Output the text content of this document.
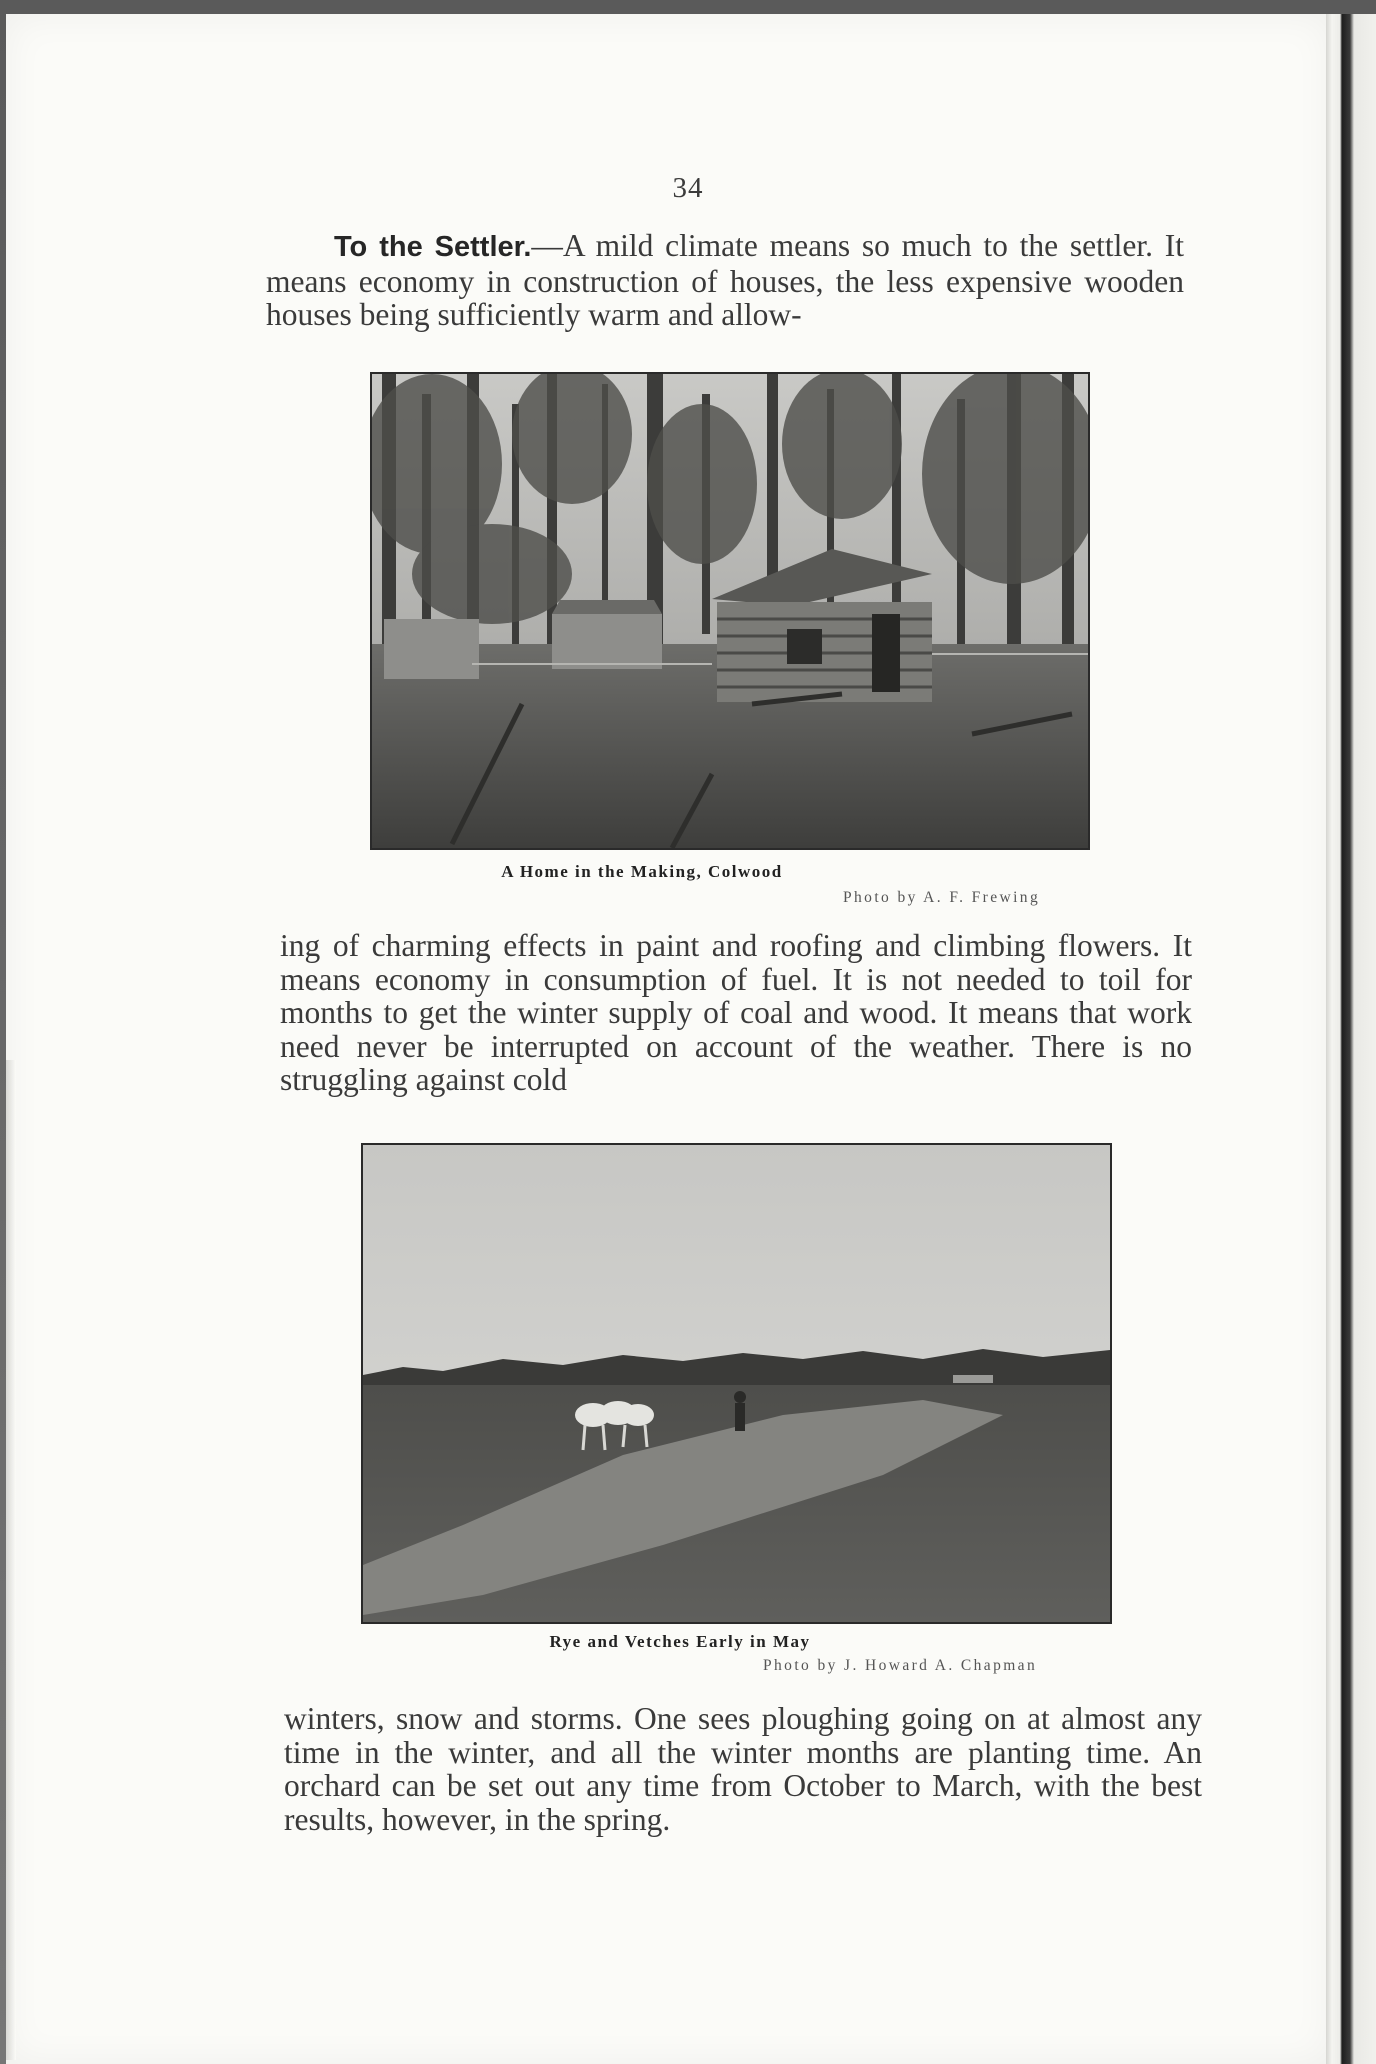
34

To the Settler.—A mild climate means so much to the settler. It means economy in construction of houses, the less expensive wooden houses being sufficiently warm and allow-

A Home in the Making, Colwood
Photo by A. F. Frewing

ing of charming effects in paint and roofing and climbing flowers. It means economy in consumption of fuel. It is not needed to toil for months to get the winter supply of coal and wood. It means that work need never be interrupted on account of the weather. There is no struggling against cold

Rye and Vetches Early in May
Photo by J. Howard A. Chapman

winters, snow and storms. One sees ploughing going on at almost any time in the winter, and all the winter months are planting time. An orchard can be set out any time from October to March, with the best results, however, in the spring.
